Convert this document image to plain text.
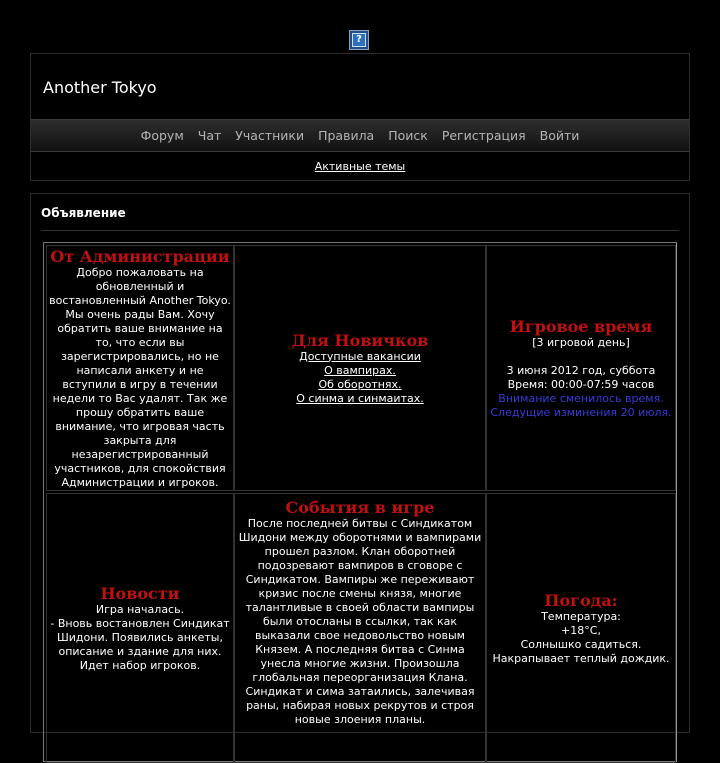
?
Another Tokyo
Форум Чат Участники Правила Поиск Регистрация Войти
Активные темы
Объявление
От Администрации

Добро пожаловать на обновленный и востановленный Another Tokyo. Мы очень рады Вам. Хочу обратить ваше внимание на то, что если вы зарегистрировались, но не написали анкету и не вступили в игру в течении недели то Вас удалят. Так же прошу обратить ваше внимание, что игровая часть закрыта для незарегистрированный участников, для спокойствия Администрации и игроков.

Для Новичков
Доступные вакансии
О вампирах.
Об оборотнях.
О синма и синмаитах.
Игровое время

[3 игровой день]

3 июня 2012 год, суббота

Время: 00:00-07:59 часов

Внимание сменилось время.

Следущие изминения 20 июля.

Новости

Игра началась.

- Вновь востановлен Синдикат Шидони. Появились анкеты, описание и здание для них. Идет набор игроков.

События в игре

После последней битвы с Синдикатом Шидони между оборотнями и вампирами прошел разлом. Клан оборотней подозревают вампиров в сговоре с Синдикатом. Вампиры же переживают кризис после смены князя, многие талантливые в своей области вампиры были отосланы в ссылки, так как выказали свое недовольство новым Князем. А последняя битва с Синма унесла многие жизни. Произошла глобальная переорганизация Клана. Синдикат и сима затаились, залечивая раны, набирая новых рекрутов и строя новые злоения планы.

Погода:

Температура:

+18°C,

Солнышко садиться.

Накрапывает теплый дождик.
